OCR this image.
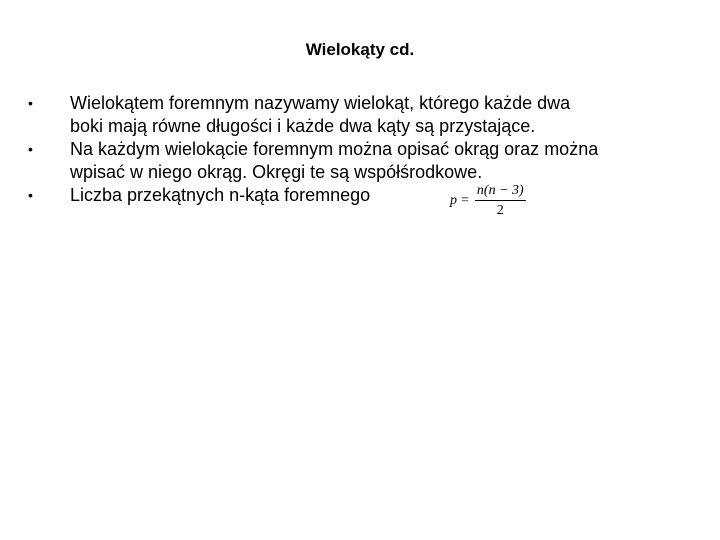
Wielokąty cd.
•	Wielokątem foremnym nazywamy wielokąt, którego każde dwa
boki mają równe długości i każde dwa kąty są przystające.
•	Na każdym wielokącie foremnym można opisać okrąg oraz można
wpisać w niego okrąg. Okręgi te są współśrodkowe.
•	Liczba przekątnych n-kąta foremnego	$p = \frac{n(n - 3)}{2}$
